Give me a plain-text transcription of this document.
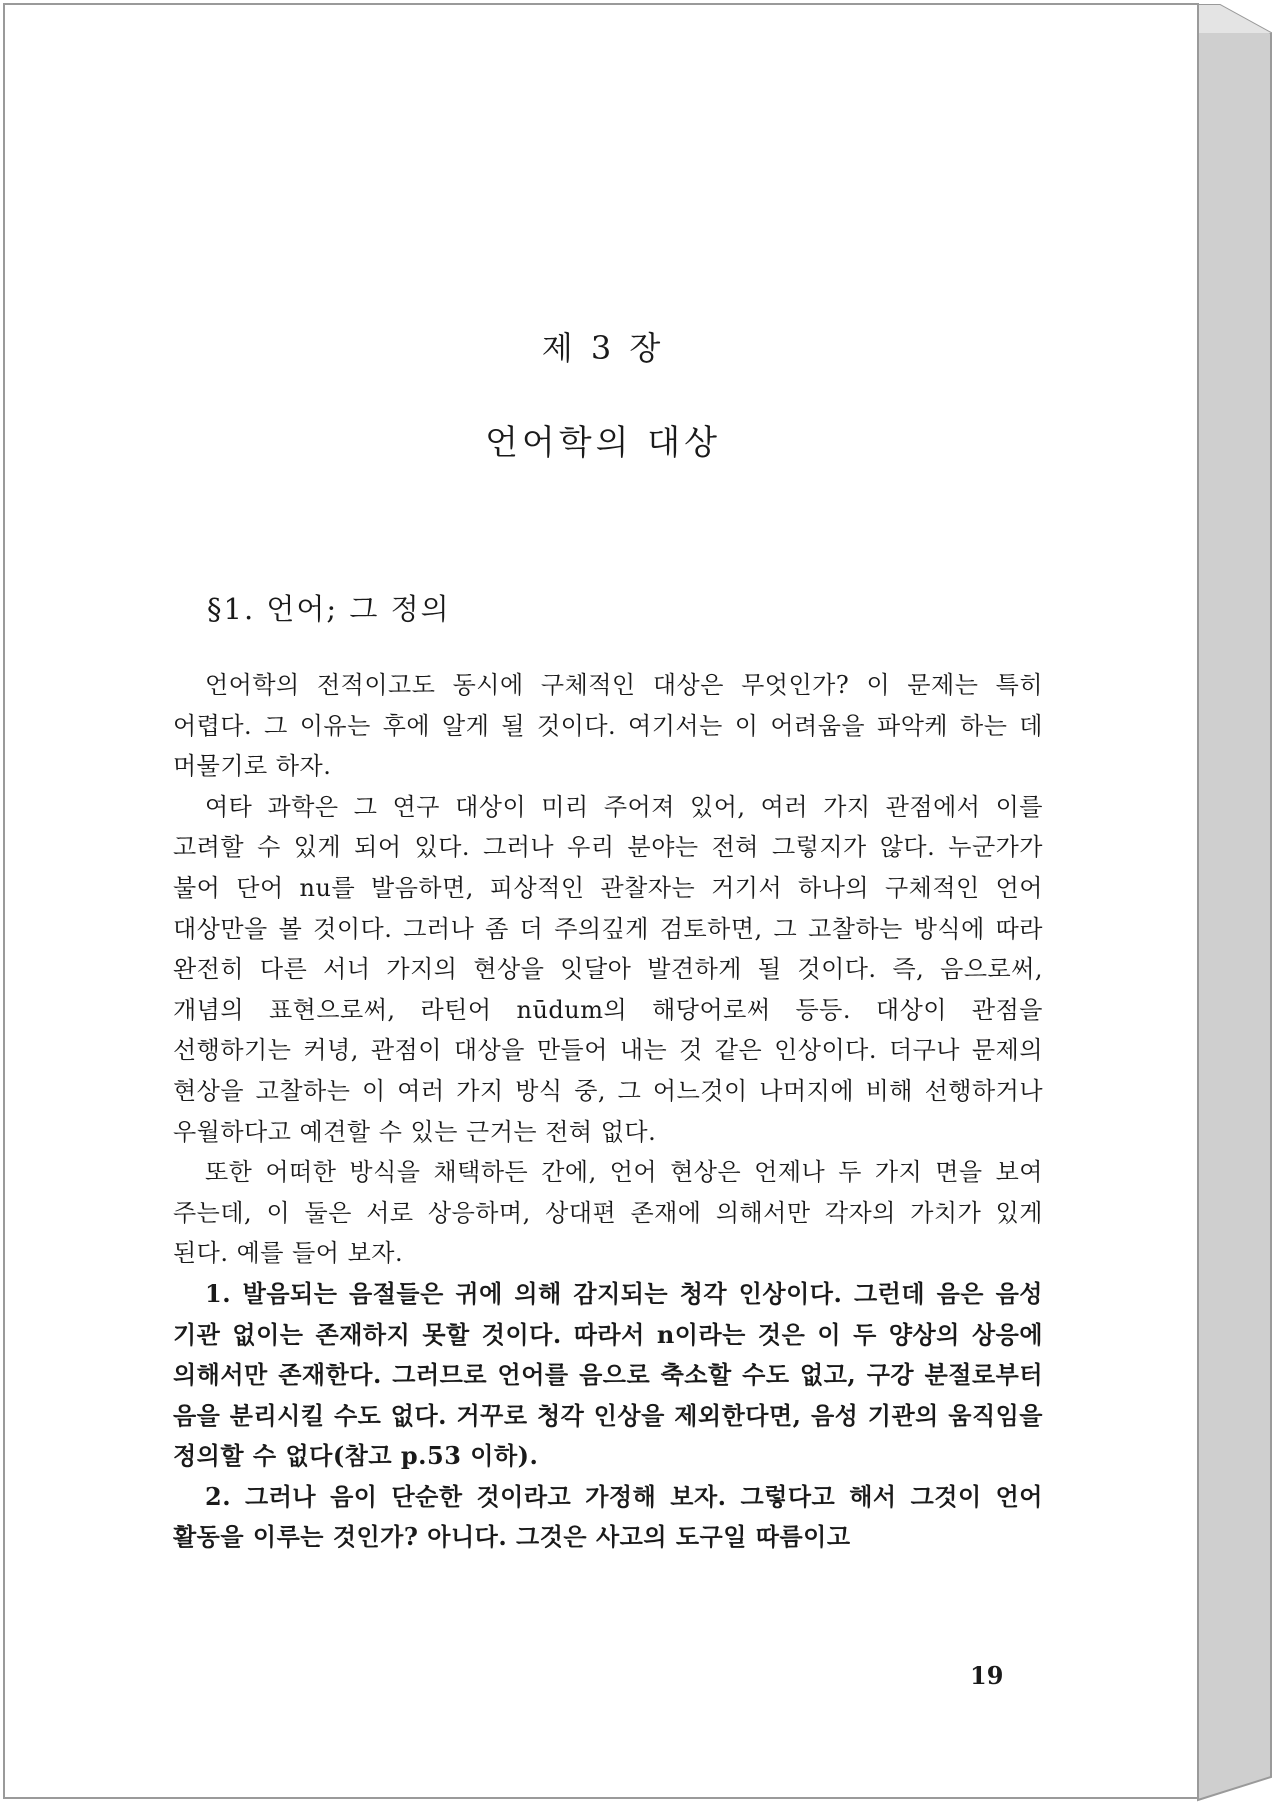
제 3 장
언어학의 대상
§1. 언어; 그 정의

언어학의 전적이고도 동시에 구체적인 대상은 무엇인가? 이 문제는 특히 어렵다. 그 이유는 후에 알게 될 것이다. 여기서는 이 어려움을 파악케 하는 데 머물기로 하자.

여타 과학은 그 연구 대상이 미리 주어져 있어, 여러 가지 관점에서 이를 고려할 수 있게 되어 있다. 그러나 우리 분야는 전혀 그렇지가 않다. 누군가가 불어 단어 nu를 발음하면, 피상적인 관찰자는 거기서 하나의 구체적인 언어 대상만을 볼 것이다. 그러나 좀 더 주의깊게 검토하면, 그 고찰하는 방식에 따라 완전히 다른 서너 가지의 현상을 잇달아 발견하게 될 것이다. 즉, 음으로써, 개념의 표현으로써, 라틴어 nūdum의 해당어로써 등등. 대상이 관점을 선행하기는 커녕, 관점이 대상을 만들어 내는 것 같은 인상이다. 더구나 문제의 현상을 고찰하는 이 여러 가지 방식 중, 그 어느것이 나머지에 비해 선행하거나 우월하다고 예견할 수 있는 근거는 전혀 없다.

또한 어떠한 방식을 채택하든 간에, 언어 현상은 언제나 두 가지 면을 보여 주는데, 이 둘은 서로 상응하며, 상대편 존재에 의해서만 각자의 가치가 있게 된다. 예를 들어 보자.

1. 발음되는 음절들은 귀에 의해 감지되는 청각 인상이다. 그런데 음은 음성 기관 없이는 존재하지 못할 것이다. 따라서 n이라는 것은 이 두 양상의 상응에 의해서만 존재한다. 그러므로 언어를 음으로 축소할 수도 없고, 구강 분절로부터 음을 분리시킬 수도 없다. 거꾸로 청각 인상을 제외한다면, 음성 기관의 움직임을 정의할 수 없다(참고 p.53 이하).

2. 그러나 음이 단순한 것이라고 가정해 보자. 그렇다고 해서 그것이 언어 활동을 이루는 것인가? 아니다. 그것은 사고의 도구일 따름이고

19
